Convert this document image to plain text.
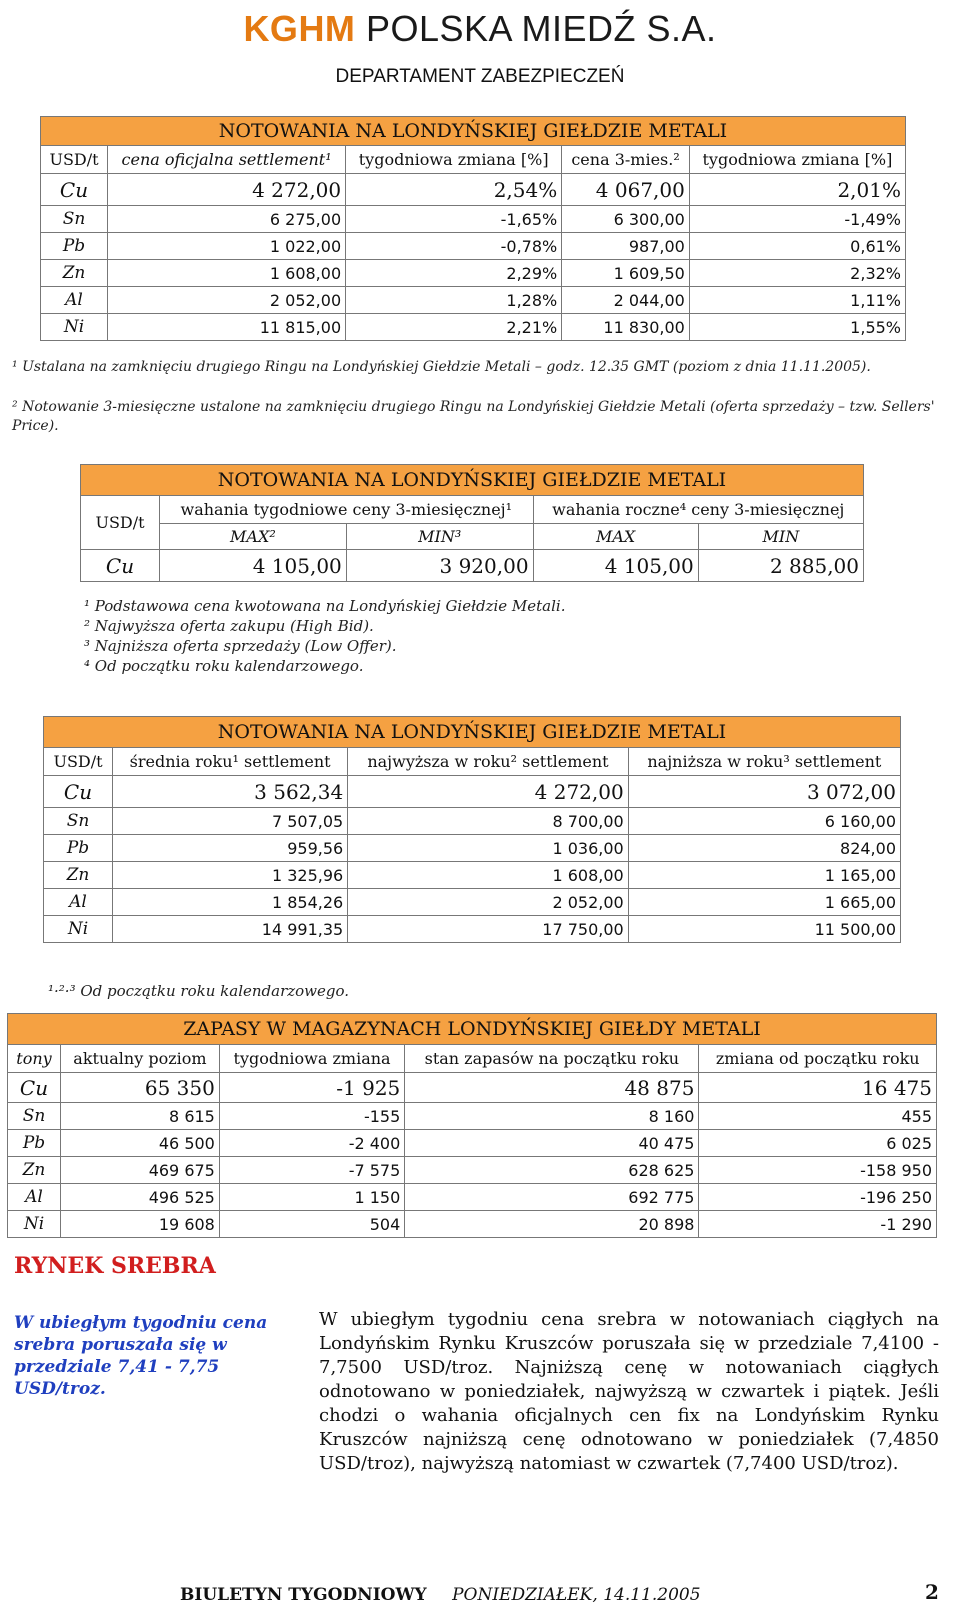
KGHM POLSKA MIEDŹ S.A.
DEPARTAMENT ZABEZPIECZEŃ
NOTOWANIA NA LONDYŃSKIEJ GIEŁDZIE METALI				
USD/t	cena oficjalna settlement¹	tygodniowa zmiana [%]	cena 3-mies.²	tygodniowa zmiana [%]
Cu	4 272,00	2,54%	4 067,00	2,01%
Sn	6 275,00	-1,65%	6 300,00	-1,49%
Pb	1 022,00	-0,78%	987,00	0,61%
Zn	1 608,00	2,29%	1 609,50	2,32%
Al	2 052,00	1,28%	2 044,00	1,11%
Ni	11 815,00	2,21%	11 830,00	1,55%
¹ Ustalana na zamknięciu drugiego Ringu na Londyńskiej Giełdzie Metali – godz. 12.35 GMT (poziom z dnia 11.11.2005).
² Notowanie 3-miesięczne ustalone na zamknięciu drugiego Ringu na Londyńskiej Giełdzie Metali (oferta sprzedaży – tzw. Sellers' Price).
NOTOWANIA NA LONDYŃSKIEJ GIEŁDZIE METALI				
USD/t	wahania tygodniowe ceny 3-miesięcznej¹		wahania roczne⁴ ceny 3-miesięcznej	
	MAX²	MIN³	MAX	MIN
Cu	4 105,00	3 920,00	4 105,00	2 885,00
¹ Podstawowa cena kwotowana na Londyńskiej Giełdzie Metali.
² Najwyższa oferta zakupu (High Bid).
³ Najniższa oferta sprzedaży (Low Offer).
⁴ Od początku roku kalendarzowego.
NOTOWANIA NA LONDYŃSKIEJ GIEŁDZIE METALI			
USD/t	średnia roku¹ settlement	najwyższa w roku² settlement	najniższa w roku³ settlement
Cu	3 562,34	4 272,00	3 072,00
Sn	7 507,05	8 700,00	6 160,00
Pb	959,56	1 036,00	824,00
Zn	1 325,96	1 608,00	1 165,00
Al	1 854,26	2 052,00	1 665,00
Ni	14 991,35	17 750,00	11 500,00
¹·²·³ Od początku roku kalendarzowego.
ZAPASY W MAGAZYNACH LONDYŃSKIEJ GIEŁDY METALI				
tony	aktualny poziom	tygodniowa zmiana	stan zapasów na początku roku	zmiana od początku roku
Cu	65 350	-1 925	48 875	16 475
Sn	8 615	-155	8 160	455
Pb	46 500	-2 400	40 475	6 025
Zn	469 675	-7 575	628 625	-158 950
Al	496 525	1 150	692 775	-196 250
Ni	19 608	504	20 898	-1 290
RYNEK SREBRA
W ubiegłym tygodniu cena srebra poruszała się w przedziale 7,41 - 7,75 USD/troz.
W ubiegłym tygodniu cena srebra w notowaniach ciągłych na Londyńskim Rynku Kruszców poruszała się w przedziale 7,4100 - 7,7500 USD/troz. Najniższą cenę w notowaniach ciągłych odnotowano w poniedziałek, najwyższą w czwartek i piątek. Jeśli chodzi o wahania oficjalnych cen fix na Londyńskim Rynku Kruszców najniższą cenę odnotowano w poniedziałek (7,4850 USD/troz), najwyższą natomiast w czwartek (7,7400 USD/troz).
BIULETYN TYGODNIOWY PONIEDZIAŁEK, 14.11.2005	2
